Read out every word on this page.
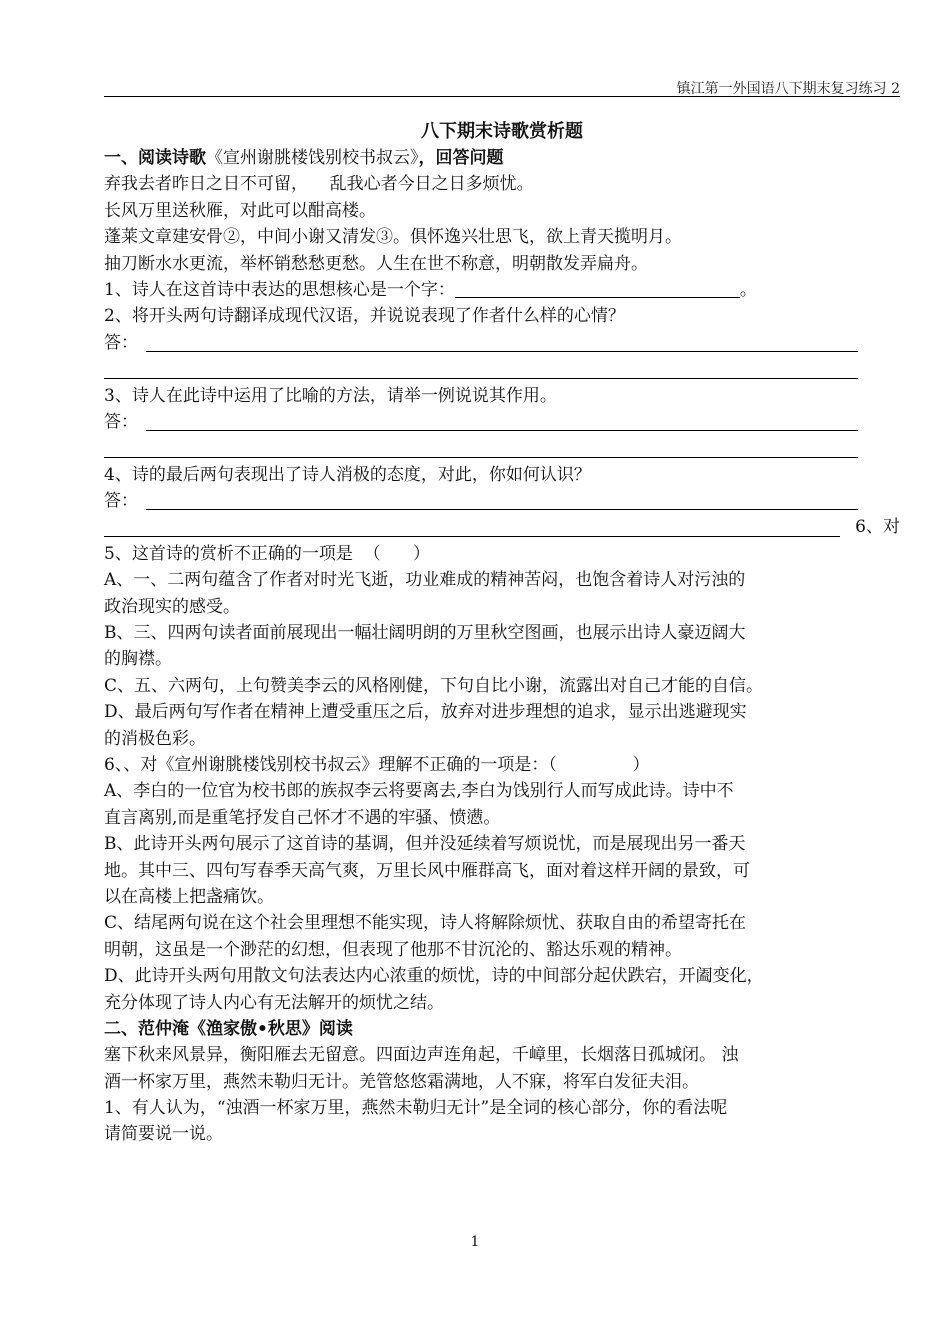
镇江第一外国语八下期末复习练习 2
八下期末诗歌赏析题
一、阅读诗歌《宣州谢朓楼饯别校书叔云》，回答问题
弃我去者昨日之日不可留，    乱我心者今日之日多烦忧。
长风万里送秋雁，对此可以酣高楼。
蓬莱文章建安骨②，中间小谢又清发③。俱怀逸兴壮思飞，欲上青天揽明月。
抽刀断水水更流，举杯销愁愁更愁。人生在世不称意，明朝散发弄扁舟。
1、诗人在这首诗中表达的思想核心是一个字：	。
2、将开头两句诗翻译成现代汉语，并说说表现了作者什么样的心情？
答：
3、诗人在此诗中运用了比喻的方法，请举一例说说其作用。
答：
4、诗的最后两句表现出了诗人消极的态度，对此，你如何认识？
答：
6、对
5、这首诗的赏析不正确的一项是  （      ）
A、一、二两句蕴含了作者对时光飞逝，功业难成的精神苦闷，也饱含着诗人对污浊的
政治现实的感受。
B、三、四两句读者面前展现出一幅壮阔明朗的万里秋空图画，也展示出诗人豪迈阔大
的胸襟。
C、五、六两句，上句赞美李云的风格刚健，下句自比小谢，流露出对自己才能的自信。
D、最后两句写作者在精神上遭受重压之后，放弃对进步理想的追求，显示出逃避现实
的消极色彩。
6、、对《宣州谢朓楼饯别校书叔云》理解不正确的一项是：（              ）
A、李白的一位官为校书郎的族叔李云将要离去,李白为饯别行人而写成此诗。诗中不
直言离别,而是重笔抒发自己怀才不遇的牢骚、愤懑。
B、此诗开头两句展示了这首诗的基调，但并没延续着写烦说忧，而是展现出另一番天
地。其中三、四句写春季天高气爽，万里长风中雁群高飞，面对着这样开阔的景致，可
以在高楼上把盏痛饮。
C、结尾两句说在这个社会里理想不能实现，诗人将解除烦忧、获取自由的希望寄托在
明朝，这虽是一个渺茫的幻想，但表现了他那不甘沉沦的、豁达乐观的精神。
D、此诗开头两句用散文句法表达内心浓重的烦忧，诗的中间部分起伏跌宕，开阖变化，
充分体现了诗人内心有无法解开的烦忧之结。
二、范仲淹《渔家傲•秋思》阅读
塞下秋来风景异，衡阳雁去无留意。四面边声连角起，千嶂里，长烟落日孤城闭。 浊
酒一杯家万里，燕然未勒归无计。羌管悠悠霜满地，人不寐，将军白发征夫泪。
1、有人认为，“浊酒一杯家万里，燕然未勒归无计”是全词的核心部分，你的看法呢
请简要说一说。
1
